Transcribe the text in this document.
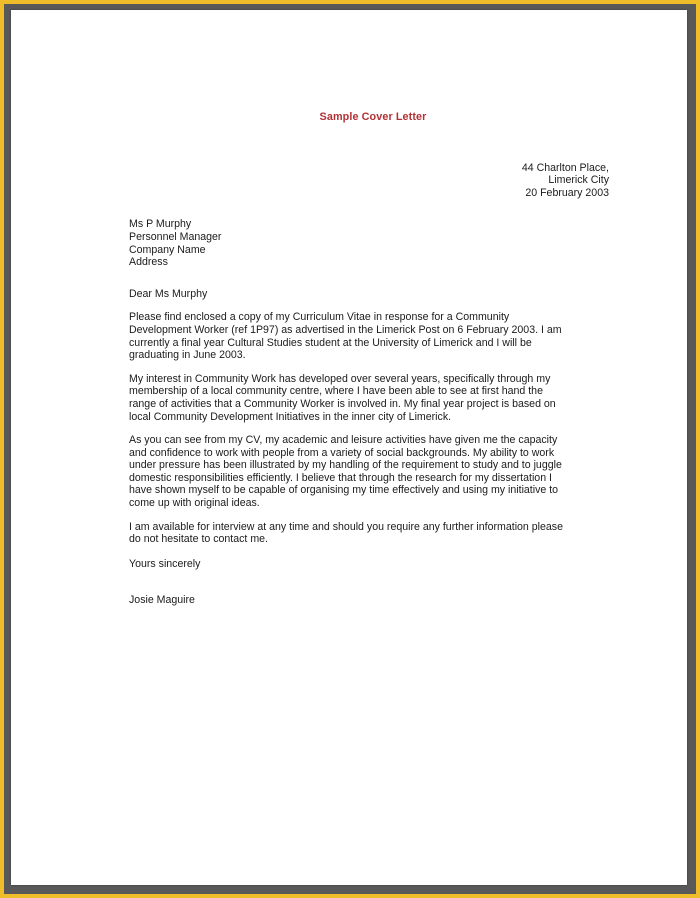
Sample Cover Letter
44 Charlton Place,
Limerick City
20 February 2003
Ms P Murphy
Personnel Manager
Company Name
Address
Dear Ms Murphy
Please find enclosed a copy of my Curriculum Vitae in response for a Community
Development Worker (ref 1P97) as advertised in the Limerick Post on 6 February 2003. I am
currently a final year Cultural Studies student at the University of Limerick and I will be
graduating in June 2003.
My interest in Community Work has developed over several years, specifically through my
membership of a local community centre, where I have been able to see at first hand the
range of activities that a Community Worker is involved in. My final year project is based on
local Community Development Initiatives in the inner city of Limerick.
As you can see from my CV, my academic and leisure activities have given me the capacity
and confidence to work with people from a variety of social backgrounds. My ability to work
under pressure has been illustrated by my handling of the requirement to study and to juggle
domestic responsibilities efficiently. I believe that through the research for my dissertation I
have shown myself to be capable of organising my time effectively and using my initiative to
come up with original ideas.
I am available for interview at any time and should you require any further information please
do not hesitate to contact me.
Yours sincerely
Josie Maguire
